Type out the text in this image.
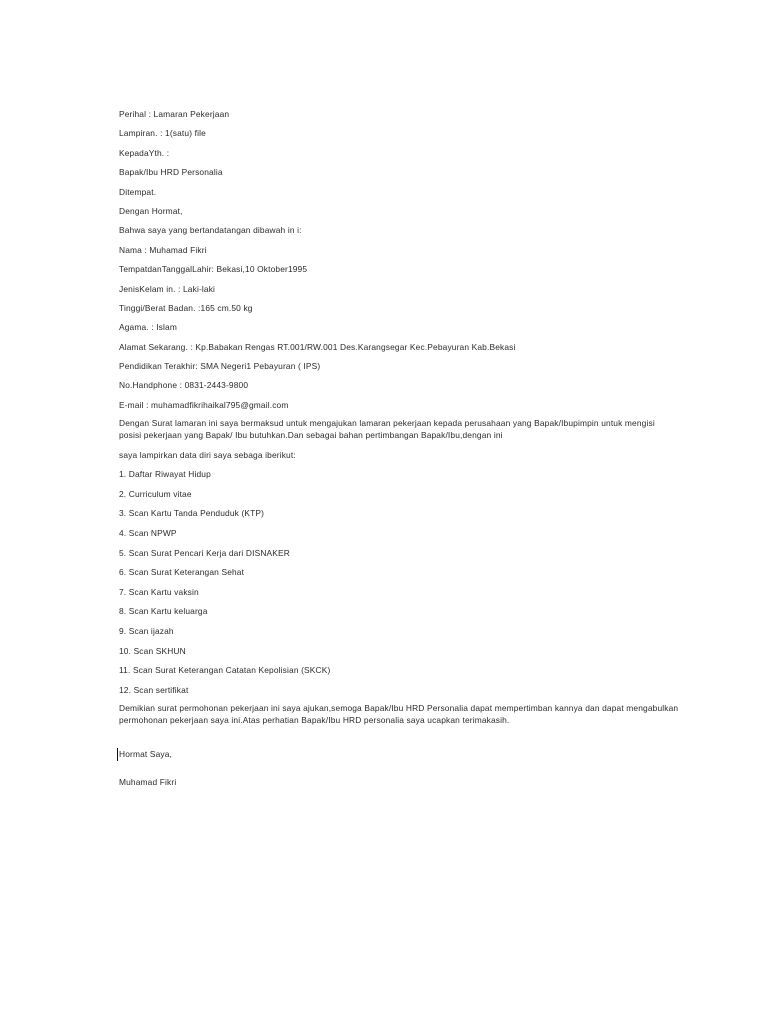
Perihal : Lamaran Pekerjaan
Lampiran. : 1(satu) file
KepadaYth. :
Bapak/Ibu HRD Personalia
Ditempat.
Dengan Hormat,
Bahwa saya yang bertandatangan dibawah in i:
Nama : Muhamad Fikri
TempatdanTanggalLahir: Bekasi,10 Oktober1995
JenisKelam in. : Laki-laki
Tinggi/Berat Badan. :165 cm.50 kg
Agama. : Islam
Alamat Sekarang. : Kp.Babakan Rengas RT.001/RW.001 Des.Karangsegar Kec.Pebayuran Kab.Bekasi
Pendidikan Terakhir: SMA Negeri1 Pebayuran ( IPS)
No.Handphone : 0831-2443-9800
E-mail : muhamadfikrihaikal795@gmail.com
Dengan Surat lamaran ini saya bermaksud untuk mengajukan lamaran pekerjaan kepada perusahaan yang Bapak/Ibupimpin untuk mengisi posisi pekerjaan yang Bapak/ Ibu butuhkan.Dan sebagai bahan pertimbangan Bapak/Ibu,dengan ini
saya lampirkan data diri saya sebaga iberikut:
1. Daftar Riwayat Hidup
2. Curriculum vitae
3. Scan Kartu Tanda Penduduk (KTP)
4. Scan NPWP
5. Scan Surat Pencari Kerja dari DISNAKER
6. Scan Surat Keterangan Sehat
7. Scan Kartu vaksin
8. Scan Kartu keluarga
9. Scan ijazah
10. Scan SKHUN
11. Scan Surat Keterangan Catatan Kepolisian (SKCK)
12. Scan sertifikat
Demikian surat permohonan pekerjaan ini saya ajukan,semoga Bapak/Ibu HRD Personalia dapat mempertimban kannya dan dapat mengabulkan permohonan pekerjaan saya ini.Atas perhatian Bapak/Ibu HRD personalia saya ucapkan terimakasih.
Hormat Saya,
Muhamad Fikri
